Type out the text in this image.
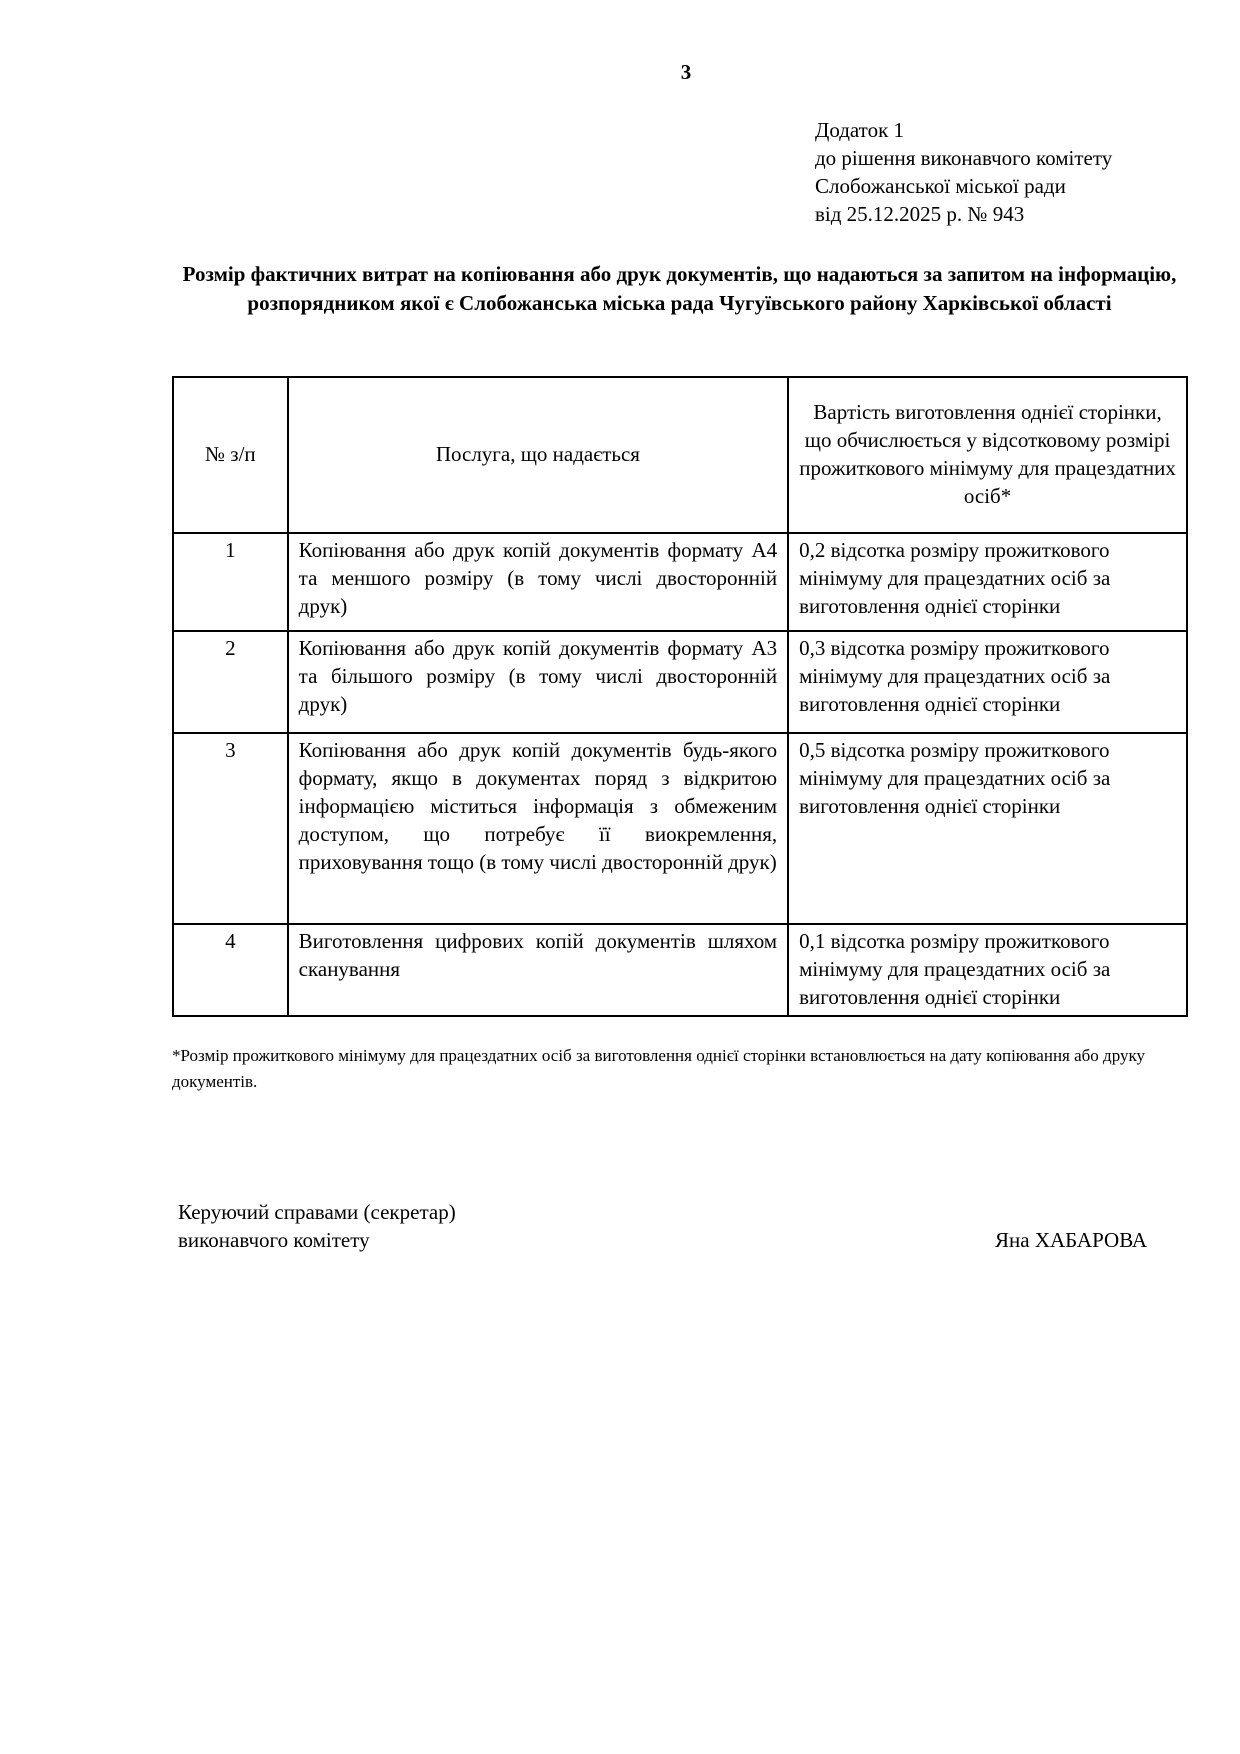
3
Додаток 1
до рішення виконавчого комітету
Слобожанської міської ради
від 25.12.2025 р. № 943
Розмір фактичних витрат на копіювання або друк документів, що надаються за запитом на інформацію, розпорядником якої є Слобожанська міська рада Чугуївського району Харківської області
№ з/п	Послуга, що надається	Вартість виготовлення однієї сторінки, що обчислюється у відсотковому розмірі прожиткового мінімуму для працездатних осіб*
1	Копіювання або друк копій документів формату А4 та меншого розміру (в тому числі двосторонній друк)	0,2 відсотка розміру прожиткового мінімуму для працездатних осіб за виготовлення однієї сторінки
2	Копіювання або друк копій документів формату А3 та більшого розміру (в тому числі двосторонній друк)	0,3 відсотка розміру прожиткового мінімуму для працездатних осіб за виготовлення однієї сторінки
3	Копіювання або друк копій документів будь-якого формату, якщо в документах поряд з відкритою інформацією міститься інформація з обмеженим доступом, що потребує її виокремлення, приховування тощо (в тому числі двосторонній друк)	0,5 відсотка розміру прожиткового мінімуму для працездатних осіб за виготовлення однієї сторінки
4	Виготовлення цифрових копій документів шляхом сканування	0,1 відсотка розміру прожиткового мінімуму для працездатних осіб за виготовлення однієї сторінки
*Розмір прожиткового мінімуму для працездатних осіб за виготовлення однієї сторінки встановлюється на дату копіювання або друку документів.
Керуючий справами (секретар)
виконавчого комітету	Яна ХАБАРОВА
